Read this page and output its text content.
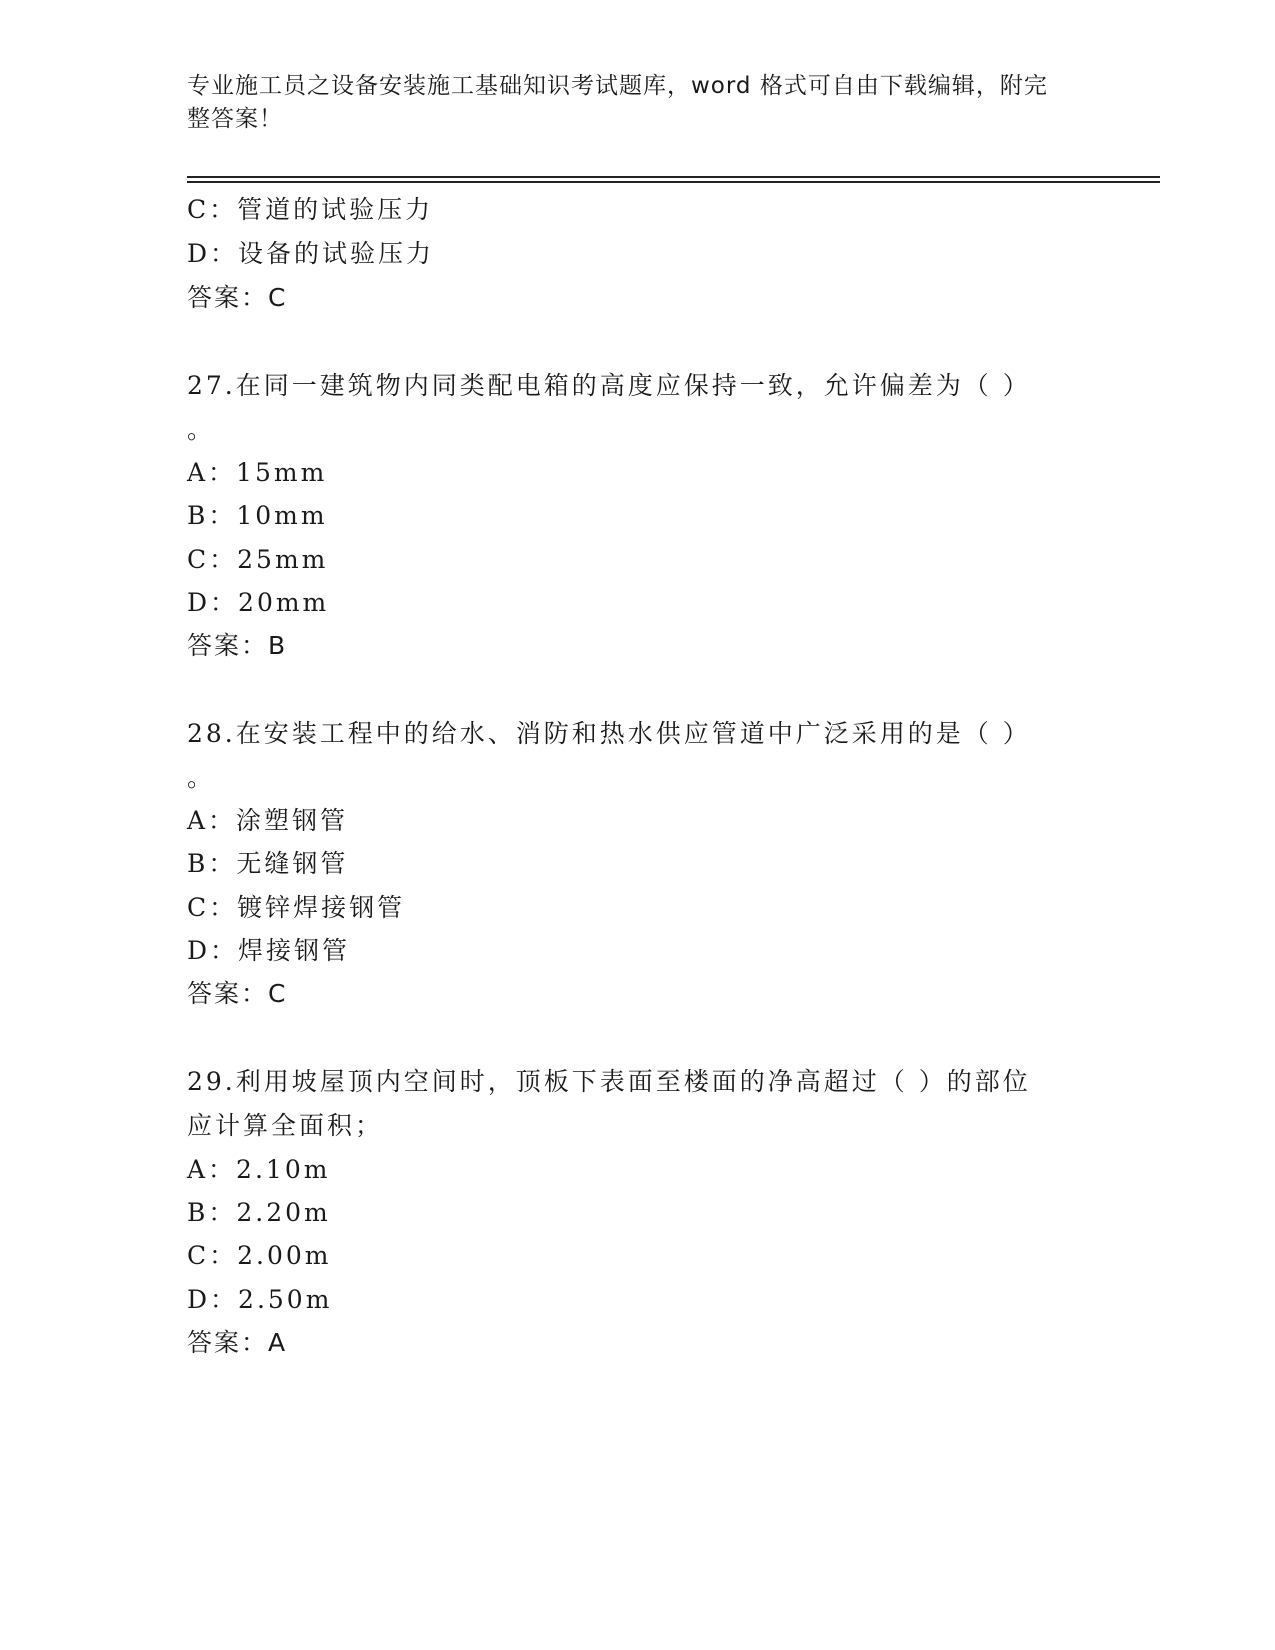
专业施工员之设备安装施工基础知识考试题库，word 格式可自由下载编辑，附完
整答案！
C：管道的试验压力
D：设备的试验压力
答案：C
27.在同一建筑物内同类配电箱的高度应保持一致，允许偏差为（ ）
。
A：15mm
B：10mm
C：25mm
D：20mm
答案：B
28.在安装工程中的给水、消防和热水供应管道中广泛采用的是（ ）
。
A：涂塑钢管
B：无缝钢管
C：镀锌焊接钢管
D：焊接钢管
答案：C
29.利用坡屋顶内空间时，顶板下表面至楼面的净高超过（ ）的部位
应计算全面积；
A：2.10m
B：2.20m
C：2.00m
D：2.50m
答案：A
